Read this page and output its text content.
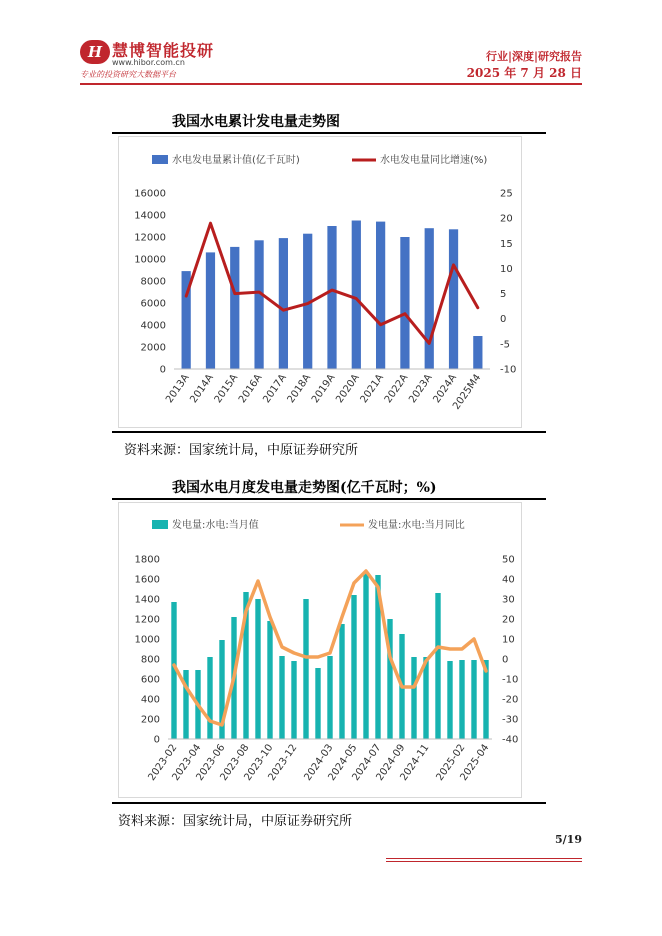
H 慧博智能投研
www.hibor.com.cn
专业的投资研究大数据平台
行业|深度|研究报告
2025 年 7 月 28 日
我国水电累计发电量走势图
水电发电量累计值(亿千瓦时)	水电发电量同比增速(%)
0
2000
4000
6000
8000
10000
12000
14000
16000
-10
-5
0
5
10
15
20
25
2013A
2014A
2015A
2016A
2017A
2018A
2019A
2020A
2021A
2022A
2023A
2024A
2025M4
资料来源：国家统计局，中原证券研究所
我国水电月度发电量走势图(亿千瓦时；%)
发电量:水电:当月值	发电量:水电:当月同比
0
200
400
600
800
1000
1200
1400
1600
1800
-40
-30
-20
-10
0
10
20
30
40
50
2023-02
2023-04
2023-06
2023-08
2023-10
2023-12 2024-03
2024-05
2024-07
2024-09
2024-11 2025-02
2025-04
资料来源：国家统计局，中原证券研究所
5/19
